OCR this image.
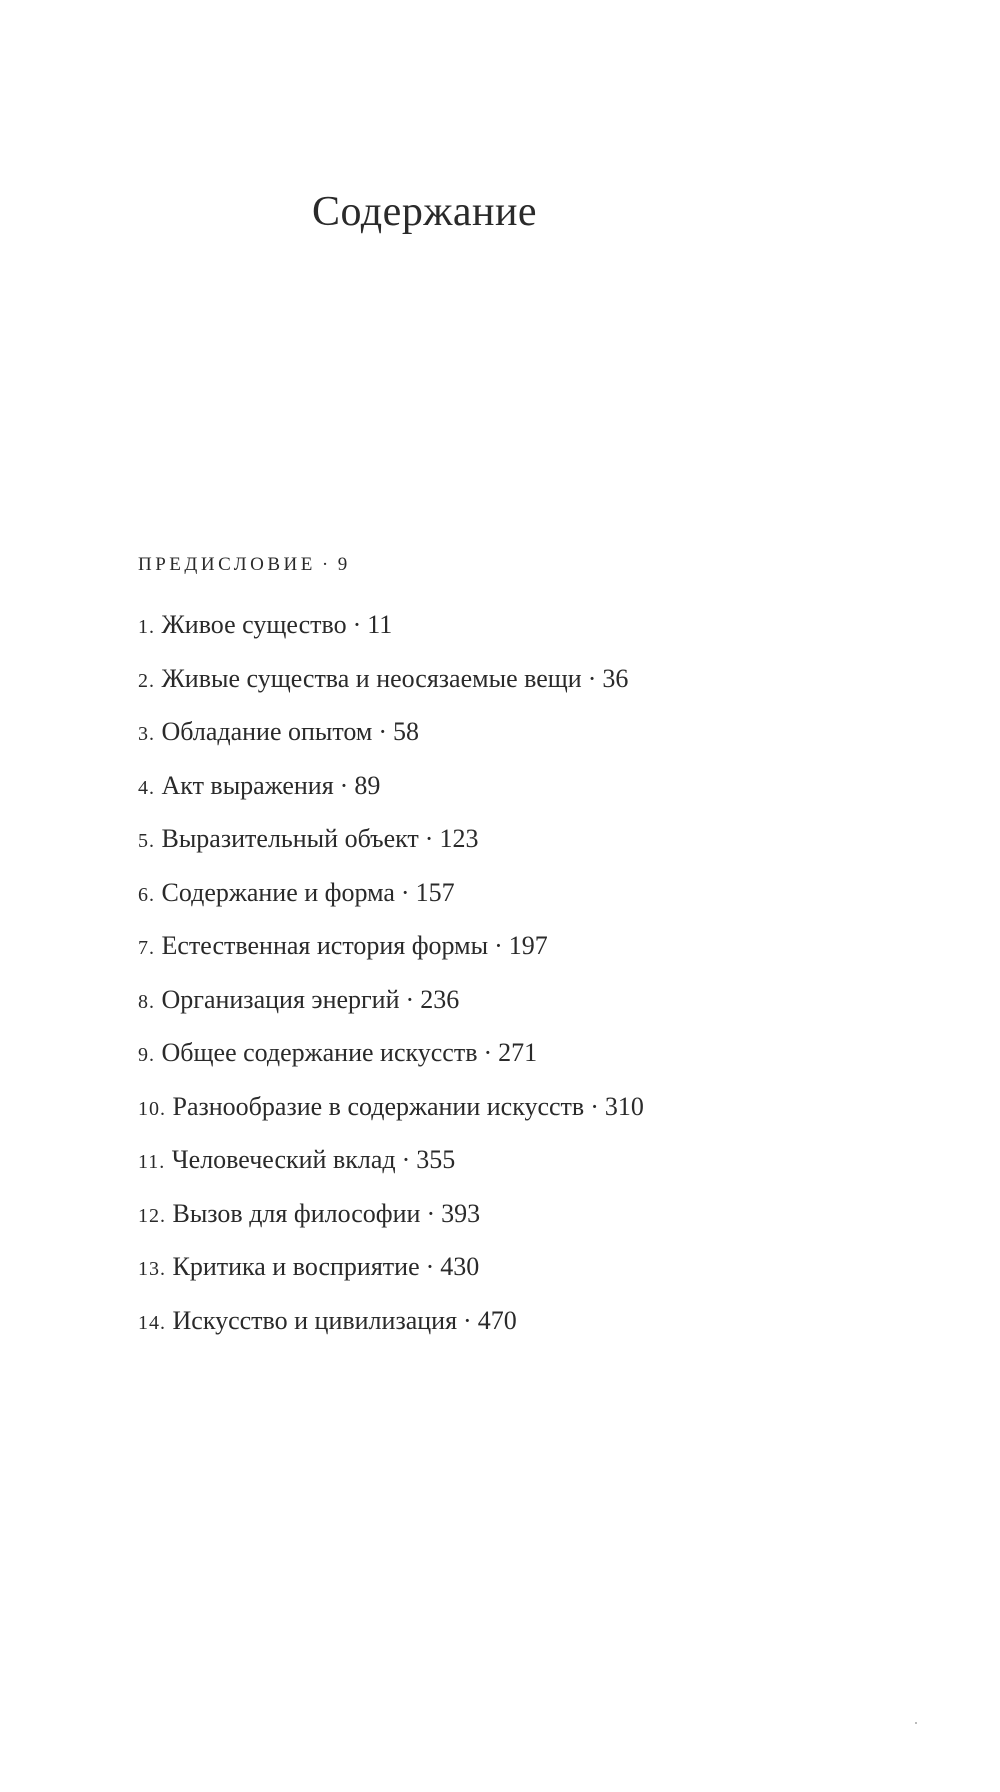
Содержание
ПРЕДИСЛОВИЕ · 9
1. Живое существо · 11
2. Живые существа и неосязаемые вещи · 36
3. Обладание опытом · 58
4. Акт выражения · 89
5. Выразительный объект · 123
6. Содержание и форма · 157
7. Естественная история формы · 197
8. Организация энергий · 236
9. Общее содержание искусств · 271
10. Разнообразие в содержании искусств · 310
11. Человеческий вклад · 355
12. Вызов для философии · 393
13. Критика и восприятие · 430
14. Искусство и цивилизация · 470
